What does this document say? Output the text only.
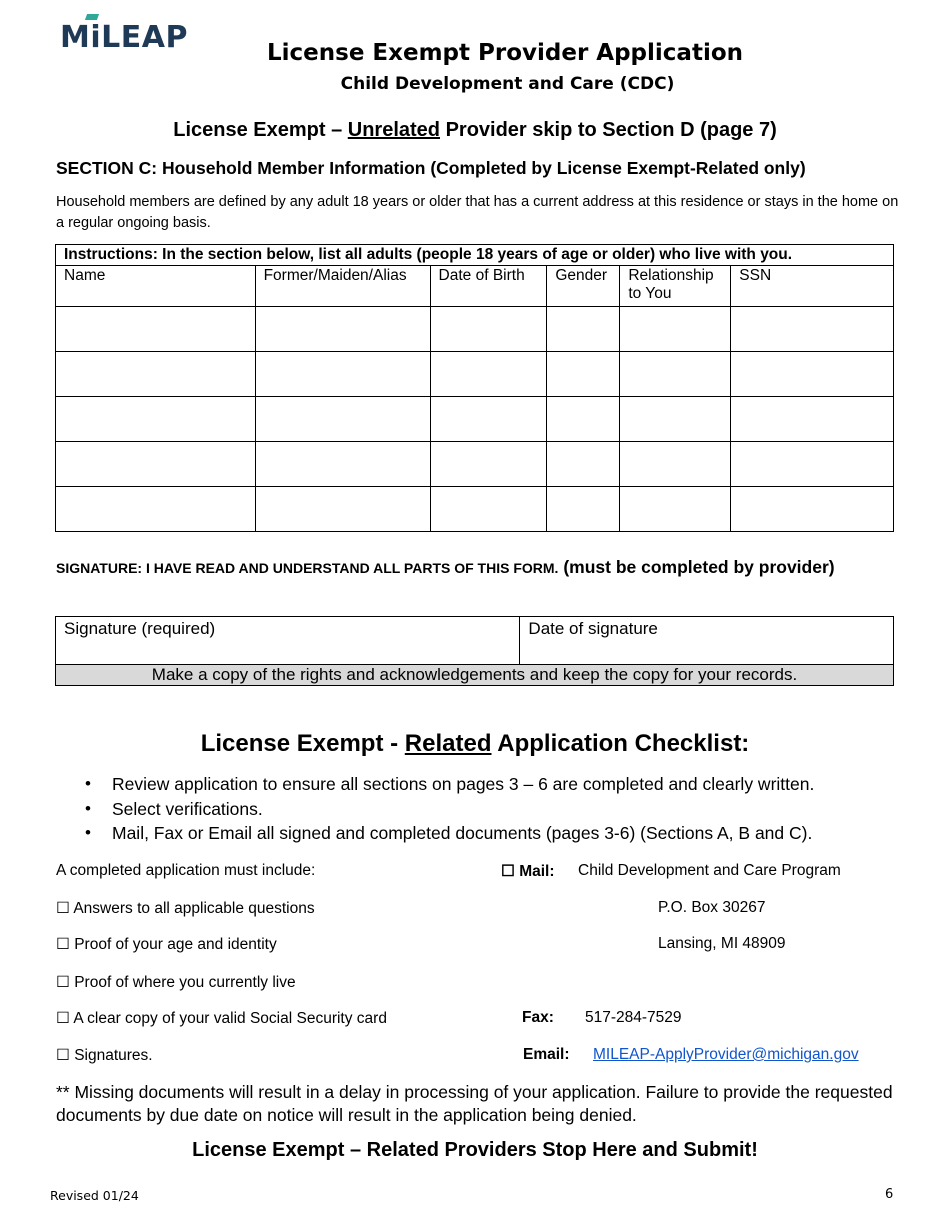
MiLEAP	License Exempt Provider Application
Child Development and Care (CDC)
License Exempt – Unrelated Provider skip to Section D (page 7)
SECTION C: Household Member Information (Completed by License Exempt-Related only)
Household members are defined by any adult 18 years or older that has a current address at this residence or stays in the home on a regular ongoing basis.
Instructions: In the section below, list all adults (people 18 years of age or older) who live with you.					
Name	Former/Maiden/Alias	Date of Birth	Gender	Relationship to You	SSN

SIGNATURE: I HAVE READ AND UNDERSTAND ALL PARTS OF THIS FORM. (must be completed by provider)
Signature (required)	Date of signature
Make a copy of the rights and acknowledgements and keep the copy for your records.
License Exempt - Related Application Checklist:
• Review application to ensure all sections on pages 3 – 6 are completed and clearly written.
• Select verifications.
• Mail, Fax or Email all signed and completed documents (pages 3-6) (Sections A, B and C).
A completed application must include:
☐ Answers to all applicable questions
☐ Proof of your age and identity
☐ Proof of where you currently live
☐ A clear copy of your valid Social Security card
☐ Signatures.
☐ Mail: Child Development and Care Program
P.O. Box 30267
Lansing, MI 48909
Fax: 517-284-7529
Email: MILEAP-ApplyProvider@michigan.gov
** Missing documents will result in a delay in processing of your application. Failure to provide the requested documents by due date on notice will result in the application being denied.
License Exempt – Related Providers Stop Here and Submit!
Revised 01/24	6
